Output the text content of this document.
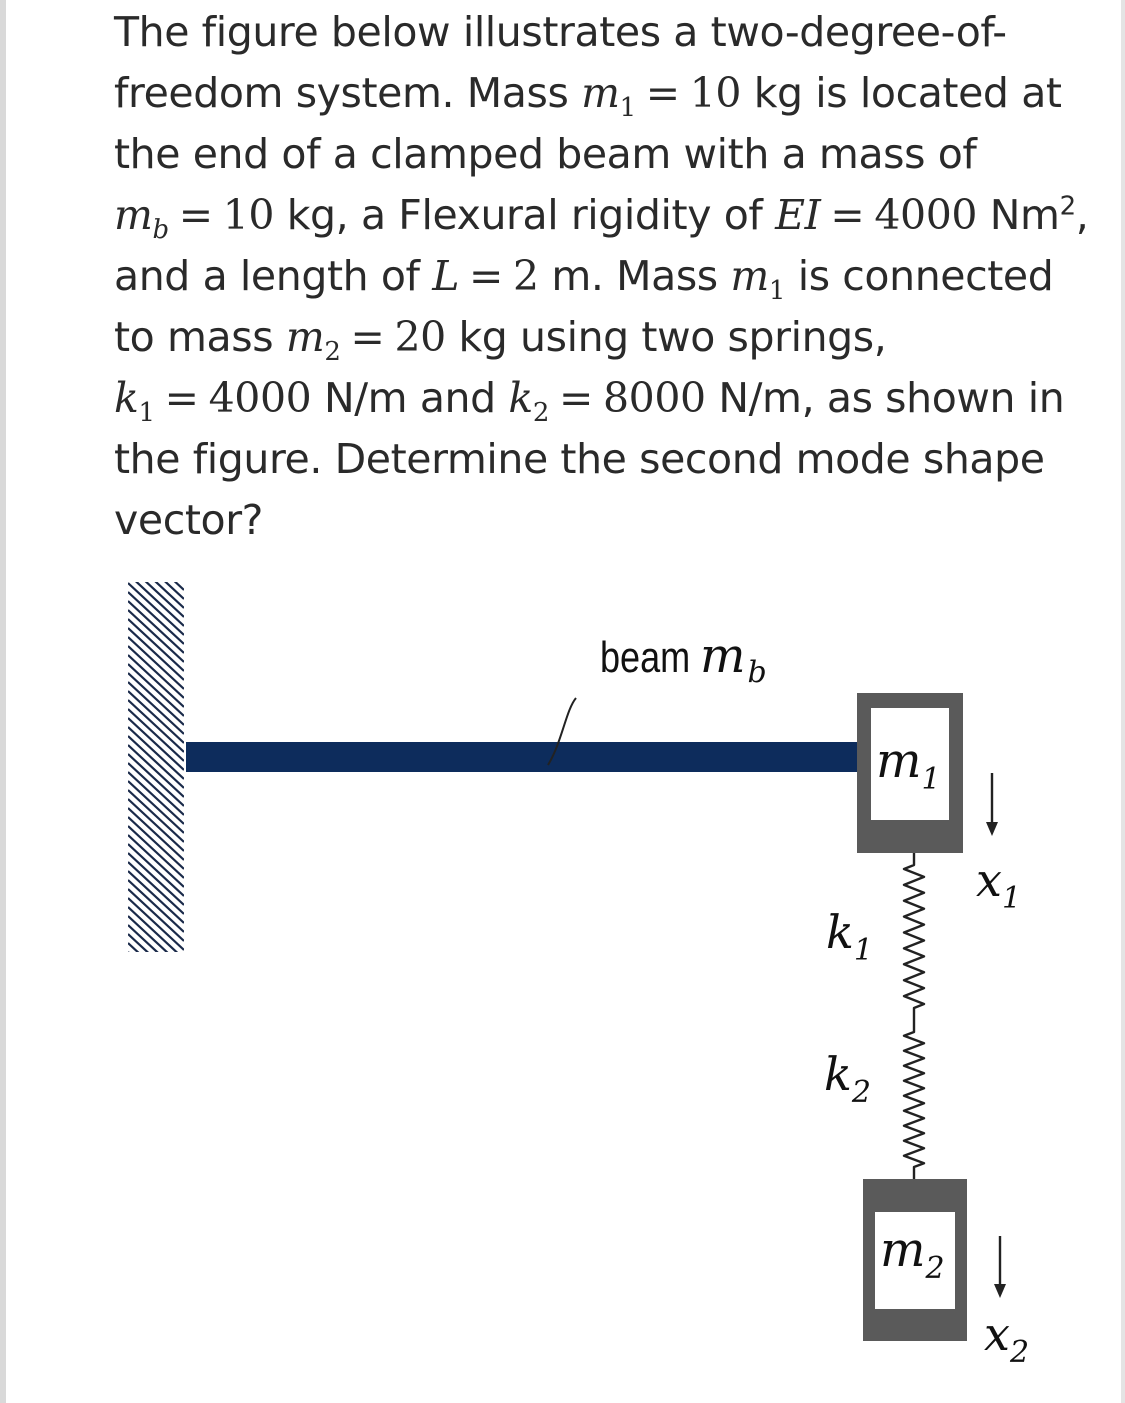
The figure below illustrates a two-degree-of-freedom system. Mass $m_1 = 10$ kg is located at the end of a clamped beam with a mass of $m_b = 10$ kg, a Flexural rigidity of EI = 4000 Nm$^2$, and a length of L = 2 m. Mass $m_1$ is connected to mass $m_2 = 20$ kg using two springs, $k_1 = 4000$ N/m and $k_2 = 8000$ N/m, as shown in the figure. Determine the second mode shape vector?
beam $m_b$
$m_1$
$k_1$
$k_2$
$m_2$
$x_1$
$x_2$
